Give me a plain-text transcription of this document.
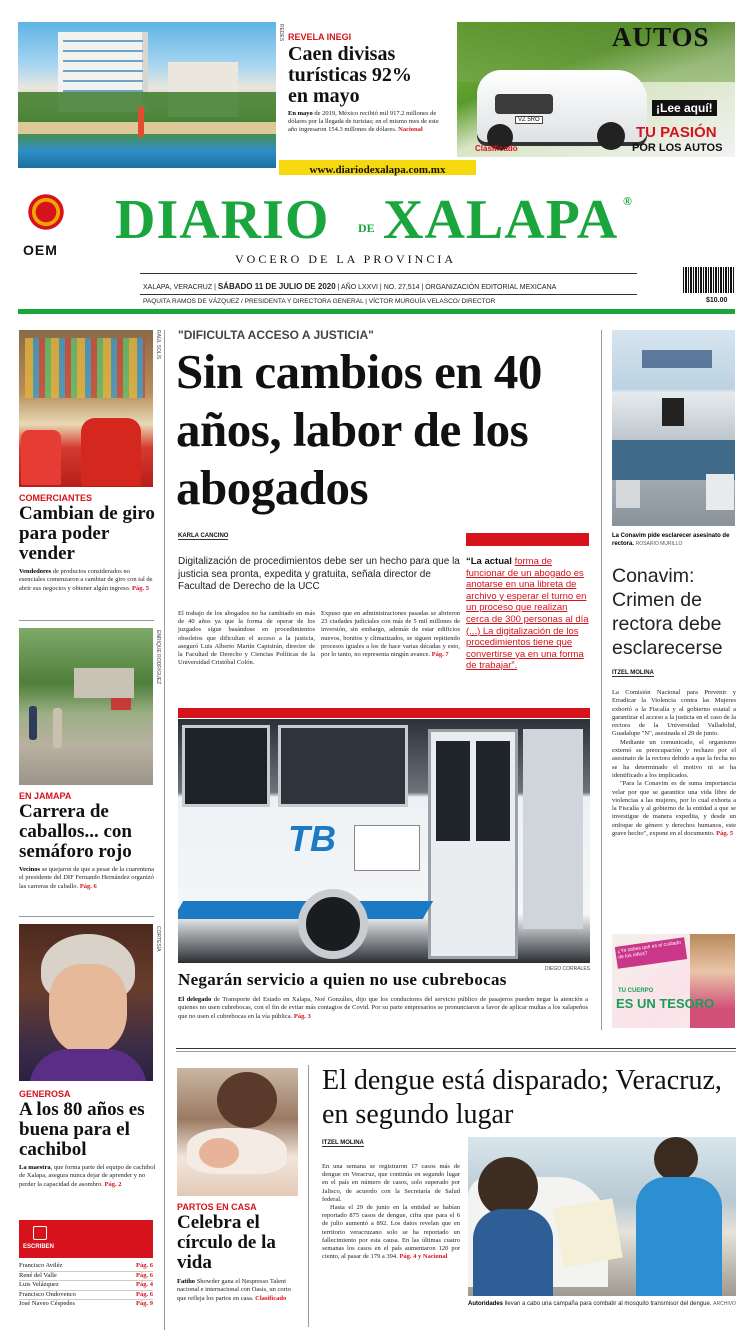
REDES REVELA INEGI
Caen divisas turísticas 92% en mayo
En mayo de 2019, México recibió mil 917.2 millones de dólares por la llegada de turistas; en el mismo mes de este año ingresaron 154.3 millones de dólares. Nacional
VZ 5RO
AUTOS
¡Lee aquí!
TU PASIÓN
POR LOS AUTOS
Clasificado
www.diariodexalapa.com.mx
OEM DIARIO DE XALAPA ®
VOCERO DE LA PROVINCIA
XALAPA, VERACRUZ | SÁBADO 11 DE JULIO DE 2020 | AÑO LXXVI | NO. 27,514 | ORGANIZACIÓN EDITORIAL MEXICANA
PAQUITA RAMOS DE VÁZQUEZ / PRESIDENTA Y DIRECTORA GENERAL | VÍCTOR MURGUÍA VELASCO/ DIRECTOR	$10.00
RAÚL SOLÍS
COMERCIANTES
Cambian de giro para poder vender
Vendedores de productos considerados no esenciales comenzaron a cambiar de giro con tal de abrir sus negocios y obtener algún ingreso. Pág. 5
ENRIQUE RODRÍGUEZ
EN JAMAPA
Carrera de caballos... con semáforo rojo
Vecinos se quejaron de que a pesar de la cuarentena el presidente del DIF Fernando Hernández organizó las carreras de caballo. Pág. 6
CORTESÍA
GENEROSA
A los 80 años es buena para el cachibol
La maestra, que forma parte del equipo de cachibol de Xalapa, asegura nunca dejar de aprender y no perder la capacidad de asombro. Pág. 2
ESCRIBEN
Francisco Aviléz	Pág. 6
René del Valle	Pág. 6
Luis Velázquez	Pág. 4
Francisco Ondovenco	Pág. 6
José Naveo Céspedes	Pág. 9
"DIFICULTA ACCESO A JUSTICIA"
Sin cambios en 40 años, labor de los abogados
KARLA CANCINO
Digitalización de procedimientos debe ser un hecho para que la justicia sea pronta, expedita y gratuita, señala director de Facultad de Derecho de la UCC
El trabajo de los abogados no ha cambiado en más de 40 años ya que la forma de operar de los juzgados sigue basándose en procedimientos obsoletos que dificultan el acceso a la justicia, aseguró Luis Alberto Martín Capistrán, director de la Facultad de Derecho y Ciencias Políticas de la Universidad Cristóbal Colón.
Expuso que en administraciones pasadas se abrieron 23 ciudades judiciales con más de 5 mil millones de inversión, sin embargo, además de estar edificios nuevos, bonitos y climatizados, se siguen repitiendo procesos iguales a los de hace varias décadas y esto, por lo tanto, no representa ningún avance. Pág. 7
“La actual forma de funcionar de un abogado es anotarse en una libreta de archivo y esperar el turno en un proceso que realizan cerca de 300 personas al día (...) La digitalización de los procedimientos tiene que convertirse ya en una forma de trabajar”.
TB
DIEGO CORRALES
Negarán servicio a quien no use cubrebocas
El delegado de Transporte del Estado en Xalapa, Noé Gonzáles, dijo que los conductores del servicio público de pasajeros pueden negar la atención a quienes no usen cubrebocas, con el fin de evitar más contagios de Covid. Por su parte empresarios se pronunciaron a favor de aplicar multas a los xalapeños que no usen el cubrebocas en la vía pública. Pág. 3
La Conavim pide esclarecer asesinato de rectora. ROSARIO MURILLO
Conavim: Crimen de rectora debe esclarecerse
ITZEL MOLINA

La Comisión Nacional para Prevenir y Erradicar la Violencia contra las Mujeres exhortó a la Fiscalía y al gobierno estatal a garantizar el acceso a la justicia en el caso de la rectora de la Universidad Valladolid, Guadalupe "N", asesinada el 29 de junio.

Mediante un comunicado, el organismo externó su preocupación y rechazo por el asesinato de la rectora debido a que la fecha no se ha determinado el motivo ni se ha identificado a los implicados.

"Para la Conavim es de suma importancia velar por que se garantice una vida libre de violencias a las mujeres, por lo cual exhorta a la Fiscalía y al gobierno de la entidad a que se investigue de manera expedita, y desde un enfoque de género y derechos humanos, este grave hecho", expone en el documento. Pág. 5

¿Ya sabes qué es el cuidado de los niños?
TU CUERPO
ES UN TESORO
PARTOS EN CASA
Celebra el círculo de la vida
Fatiho Showder gana el Nespresso Talent nacional e internacional con Oasis, un corto que refleja los partos en casa. Clasificado
El dengue está disparado; Veracruz, en segundo lugar
ITZEL MOLINA

En una semana se registraron 17 casos más de dengue en Veracruz, que continúa en segundo lugar en el país en número de casos, solo superado por Jalisco, de acuerdo con la Secretaría de Salud federal.

Hasta el 29 de junio en la entidad se habían reportado 875 casos de dengue, cifra que para el 6 de julio aumentó a 892. Los datos revelan que en territorio veracruzano solo se ha reportado un fallecimiento por esta causa. En las últimas cuatro semanas los casos en el país aumentaron 120 por ciento, al pasar de 179 a 394. Pág. 4 y Nacional

Autoridades llevan a cabo una campaña para combatir al mosquito transmisor del dengue. ARCHIVO
